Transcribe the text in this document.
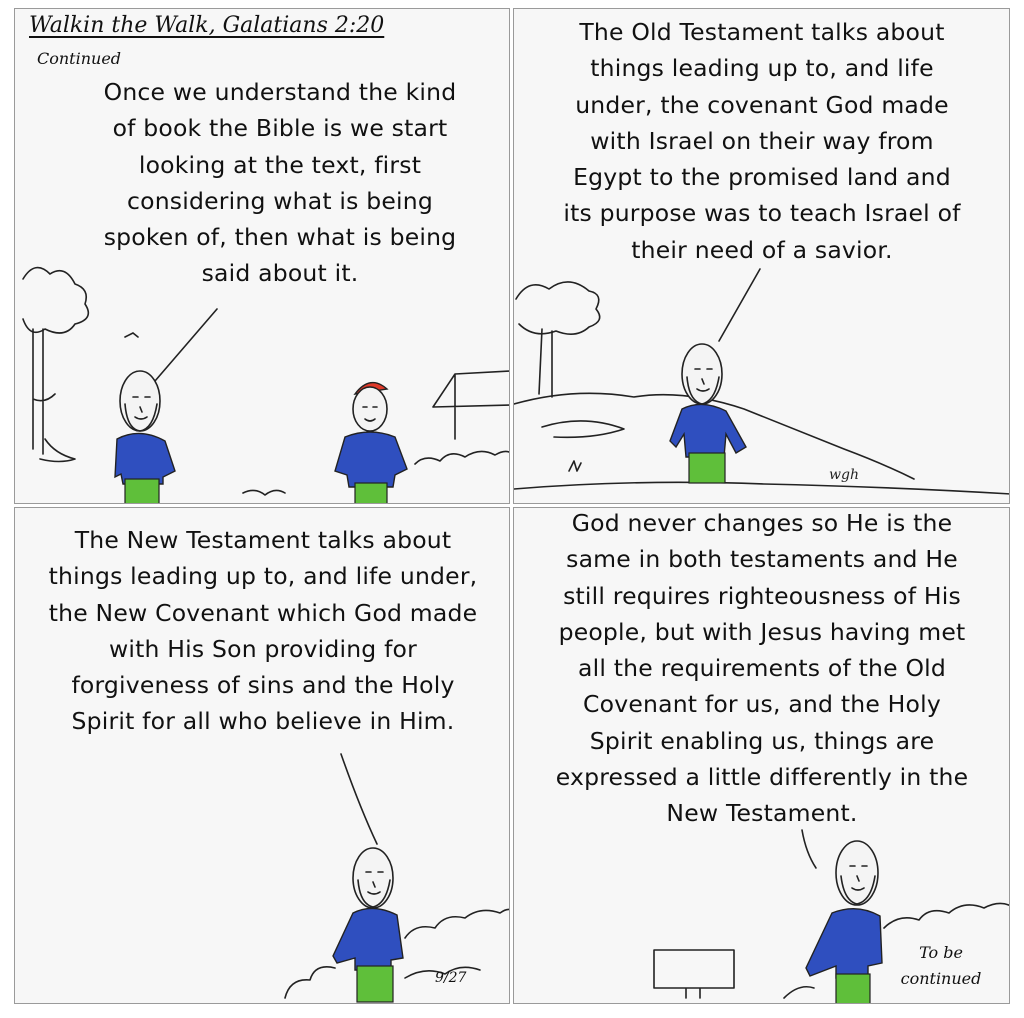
Walkin the Walk, Galatians 2:20

Continued

Once we understand the kind
of book the Bible is we start
looking at the text, first
considering what is being
spoken of, then what is being
said about it.
The Old Testament talks about
things leading up to, and life
under, the covenant God made
with Israel on their way from
Egypt to the promised land and
its purpose was to teach Israel of
their need of a savior.
wgh
The New Testament talks about
things leading up to, and life under,
the New Covenant which God made
with His Son providing for
forgiveness of sins and the Holy
Spirit for all who believe in Him.

9/27

God never changes so He is the
same in both testaments and He
still requires righteousness of His
people, but with Jesus having met
all the requirements of the Old
Covenant for us, and the Holy
Spirit enabling us, things are
expressed a little differently in the
New Testament.

To be continued
